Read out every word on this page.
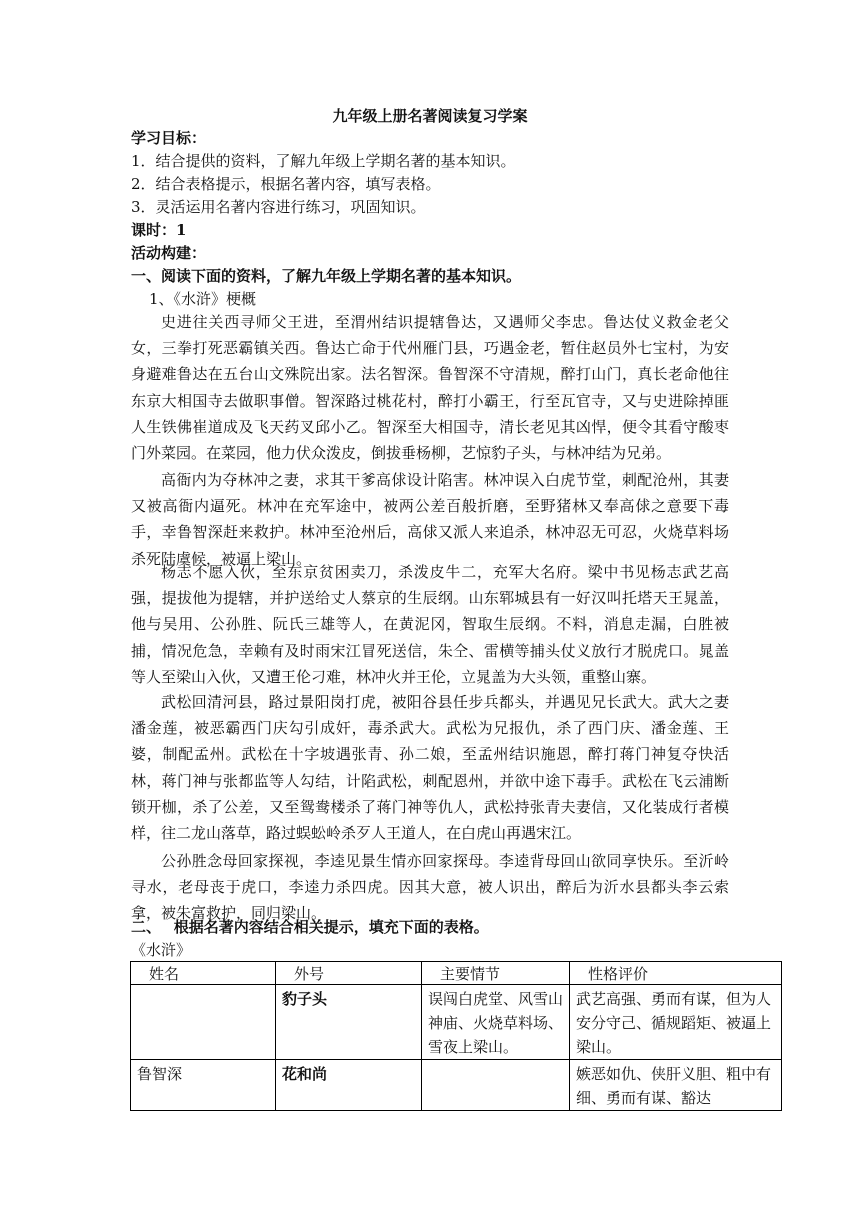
九年级上册名著阅读复习学案
学习目标：
1．结合提供的资料，了解九年级上学期名著的基本知识。
2．结合表格提示，根据名著内容，填写表格。
3．灵活运用名著内容进行练习，巩固知识。
课时：1
活动构建：
一、阅读下面的资料，了解九年级上学期名著的基本知识。
1、《水浒》梗概
史进往关西寻师父王进，至渭州结识提辖鲁达，又遇师父李忠。鲁达仗义救金老父女，三拳打死恶霸镇关西。鲁达亡命于代州雁门县，巧遇金老，暂住赵员外七宝村，为安身避难鲁达在五台山文殊院出家。法名智深。鲁智深不守清规，醉打山门，真长老命他往东京大相国寺去做职事僧。智深路过桃花村，醉打小霸王，行至瓦官寺，又与史进除掉匪人生铁佛崔道成及飞天药叉邱小乙。智深至大相国寺，清长老见其凶悍，便令其看守酸枣门外菜园。在菜园，他力伏众泼皮，倒拔垂杨柳，艺惊豹子头，与林冲结为兄弟。
高衙内为夺林冲之妻，求其干爹高俅设计陷害。林冲误入白虎节堂，刺配沧州，其妻又被高衙内逼死。林冲在充军途中，被两公差百般折磨，至野猪林又奉高俅之意要下毒手，幸鲁智深赶来救护。林冲至沧州后，高俅又派人来追杀，林冲忍无可忍，火烧草料场杀死陆虞候，被逼上梁山。
杨志不愿入伙，至东京贫困卖刀，杀泼皮牛二，充军大名府。梁中书见杨志武艺高强，提拔他为提辖，并护送给丈人蔡京的生辰纲。山东郓城县有一好汉叫托塔天王晁盖，他与吴用、公孙胜、阮氏三雄等人，在黄泥冈，智取生辰纲。不料，消息走漏，白胜被捕，情况危急，幸赖有及时雨宋江冒死送信，朱仝、雷横等捕头仗义放行才脱虎口。晁盖等人至梁山入伙，又遭王伦刁难，林冲火并王伦，立晁盖为大头领，重整山寨。
武松回清河县，路过景阳岗打虎，被阳谷县任步兵都头，并遇见兄长武大。武大之妻潘金莲，被恶霸西门庆勾引成奸，毒杀武大。武松为兄报仇，杀了西门庆、潘金莲、王婆，制配孟州。武松在十字坡遇张青、孙二娘，至孟州结识施恩，醉打蒋门神复夺快活林，蒋门神与张都监等人勾结，计陷武松，刺配恩州，并欲中途下毒手。武松在飞云浦断锁开枷，杀了公差，又至鸳鸯楼杀了蒋门神等仇人，武松持张青夫妻信，又化装成行者模样，往二龙山落草，路过蜈蚣岭杀歹人王道人，在白虎山再遇宋江。
公孙胜念母回家探视，李逵见景生情亦回家探母。李逵背母回山欲同享快乐。至沂岭寻水，老母丧于虎口，李逵力杀四虎。因其大意，被人识出，醉后为沂水县都头李云索拿，被朱富救护，同归梁山。
二、　 根据名著内容结合相关提示，填充下面的表格。
《水浒》
姓名	外号	主要情节	性格评价
	豹子头	误闯白虎堂、风雪山神庙、火烧草料场、雪夜上梁山。	武艺高强、勇而有谋，但为人安分守己、循规蹈矩、被逼上梁山。
鲁智深	花和尚		嫉恶如仇、侠肝义胆、粗中有细、勇而有谋、豁达
